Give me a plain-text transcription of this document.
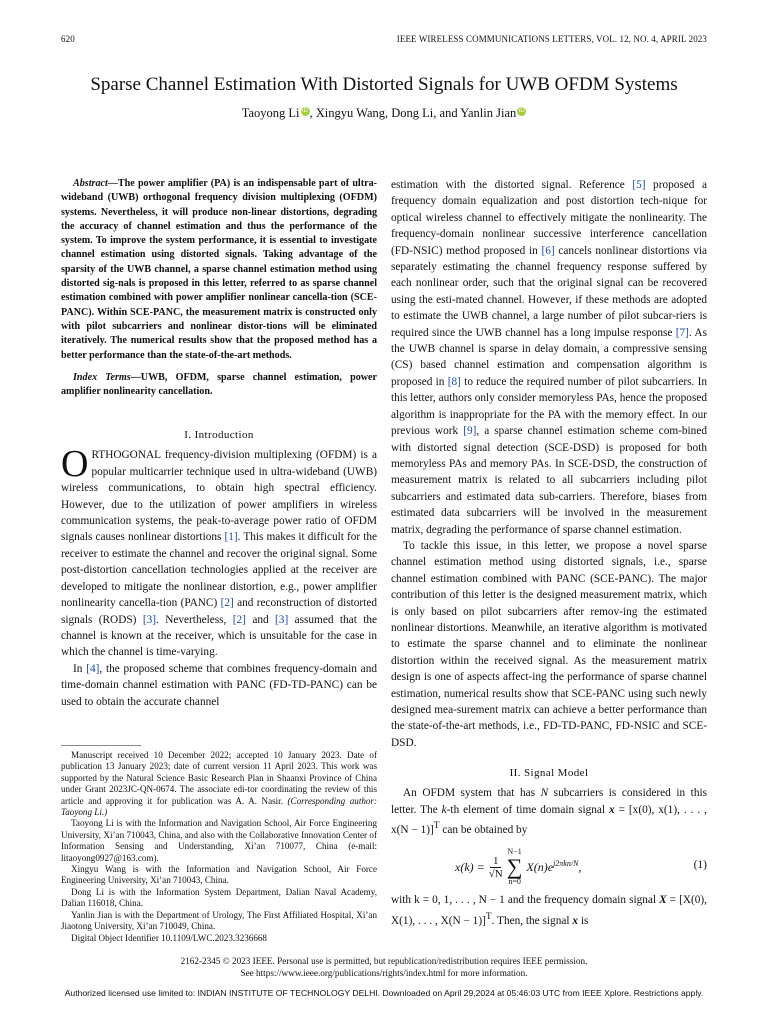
620	IEEE WIRELESS COMMUNICATIONS LETTERS, VOL. 12, NO. 4, APRIL 2023
Sparse Channel Estimation With Distorted Signals for UWB OFDM Systems
Taoyong Li iD , Xingyu Wang, Dong Li, and Yanlin Jian iD

Abstract—The power amplifier (PA) is an indispensable part of ultra-wideband (UWB) orthogonal frequency division multiplexing (OFDM) systems. Nevertheless, it will produce non-linear distortions, degrading the accuracy of channel estimation and thus the performance of the system. To improve the system performance, it is essential to investigate channel estimation using distorted signals. Taking advantage of the sparsity of the UWB channel, a sparse channel estimation method using distorted sig-nals is proposed in this letter, referred to as sparse channel estimation combined with power amplifier nonlinear cancella-tion (SCE-PANC). Within SCE-PANC, the measurement matrix is constructed only with pilot subcarriers and nonlinear distor-tions will be eliminated iteratively. The numerical results show that the proposed method has a better performance than the state-of-the-art methods.

Index Terms—UWB, OFDM, sparse channel estimation, power amplifier nonlinearity cancellation.

I. Introduction

ORTHOGONAL frequency-division multiplexing (OFDM) is a popular multicarrier technique used in ultra-wideband (UWB) wireless communications, to obtain high spectral efficiency. However, due to the utilization of power amplifiers in wireless communication systems, the peak-to-average power ratio of OFDM signals causes nonlinear distortions [1]. This makes it difficult for the receiver to estimate the channel and recover the original signal. Some post-distortion cancellation technologies applied at the receiver are developed to mitigate the nonlinear distortion, e.g., power amplifier nonlinearity cancella-tion (PANC) [2] and reconstruction of distorted signals (RODS) [3]. Nevertheless, [2] and [3] assumed that the channel is known at the receiver, which is unsuitable for the case in which the channel is time-varying.

In [4], the proposed scheme that combines frequency-domain and time-domain channel estimation with PANC (FD-TD-PANC) can be used to obtain the accurate channel

Manuscript received 10 December 2022; accepted 10 January 2023. Date of publication 13 January 2023; date of current version 11 April 2023. This work was supported by the Natural Science Basic Research Plan in Shaanxi Province of China under Grant 2023JC-QN-0674. The associate edi-tor coordinating the review of this article and approving it for publication was A. A. Nasir. (Corresponding author: Taoyong Li.)

Taoyong Li is with the Information and Navigation School, Air Force Engineering University, Xi’an 710043, China, and also with the Collaborative Innovation Center of Information Sensing and Understanding, Xi’an 710077, China (e-mail: litaoyong0927@163.com).

Xingyu Wang is with the Information and Navigation School, Air Force Engineering University, Xi’an 710043, China.

Dong Li is with the Information System Department, Dalian Naval Academy, Dalian 116018, China.

Yanlin Jian is with the Department of Urology, The First Affiliated Hospital, Xi’an Jiaotong University, Xi’an 710049, China.

Digital Object Identifier 10.1109/LWC.2023.3236668

estimation with the distorted signal. Reference [5] proposed a frequency domain equalization and post distortion tech-nique for optical wireless channel to effectively mitigate the nonlinearity. The frequency-domain nonlinear successive interference cancellation (FD-NSIC) method proposed in [6] cancels nonlinear distortions via separately estimating the channel frequency response suffered by each nonlinear order, such that the original signal can be recovered using the esti-mated channel. However, if these methods are adopted to estimate the UWB channel, a large number of pilot subcar-riers is required since the UWB channel has a long impulse response [7]. As the UWB channel is sparse in delay domain, a compressive sensing (CS) based channel estimation and compensation algorithm is proposed in [8] to reduce the required number of pilot subcarriers. In this letter, authors only consider memoryless PAs, hence the proposed algorithm is inappropriate for the PA with the memory effect. In our previous work [9], a sparse channel estimation scheme com-bined with distorted signal detection (SCE-DSD) is proposed for both memoryless PAs and memory PAs. In SCE-DSD, the construction of measurement matrix is related to all subcarriers including pilot subcarriers and estimated data sub-carriers. Therefore, biases from estimated data subcarriers will be involved in the measurement matrix, degrading the performance of sparse channel estimation.

To tackle this issue, in this letter, we propose a novel sparse channel estimation method using distorted signals, i.e., sparse channel estimation combined with PANC (SCE-PANC). The major contribution of this letter is the designed measurement matrix, which is only based on pilot subcarriers after remov-ing the estimated nonlinear distortions. Meanwhile, an iterative algorithm is motivated to estimate the sparse channel and to eliminate the nonlinear distortion within the received signal. As the measurement matrix design is one of aspects affect-ing the performance of sparse channel estimation, numerical results show that SCE-PANC using such newly designed mea-surement matrix can achieve a better performance than the state-of-the-art methods, i.e., FD-TD-PANC, FD-NSIC and SCE-DSD.

II. Signal Model

An OFDM system that has N subcarriers is considered in this letter. The k-th element of time domain signal x = [x(0), x(1), . . . , x(N − 1)]$^T$ can be obtained by

$x(k) = \frac{1}{√N}$
N−1
∑
n=0
$X(n)e^{j2\pi kn/N}$,	(1)

with k = 0, 1, . . . , N − 1 and the frequency domain signal X = [X(0), X(1), . . . , X(N − 1)]$^T$. Then, the signal x is

2162-2345 © 2023 IEEE. Personal use is permitted, but republication/redistribution requires IEEE permission.
See https://www.ieee.org/publications/rights/index.html for more information.
Authorized licensed use limited to: INDIAN INSTITUTE OF TECHNOLOGY DELHI. Downloaded on April 29,2024 at 05:46:03 UTC from IEEE Xplore. Restrictions apply.
